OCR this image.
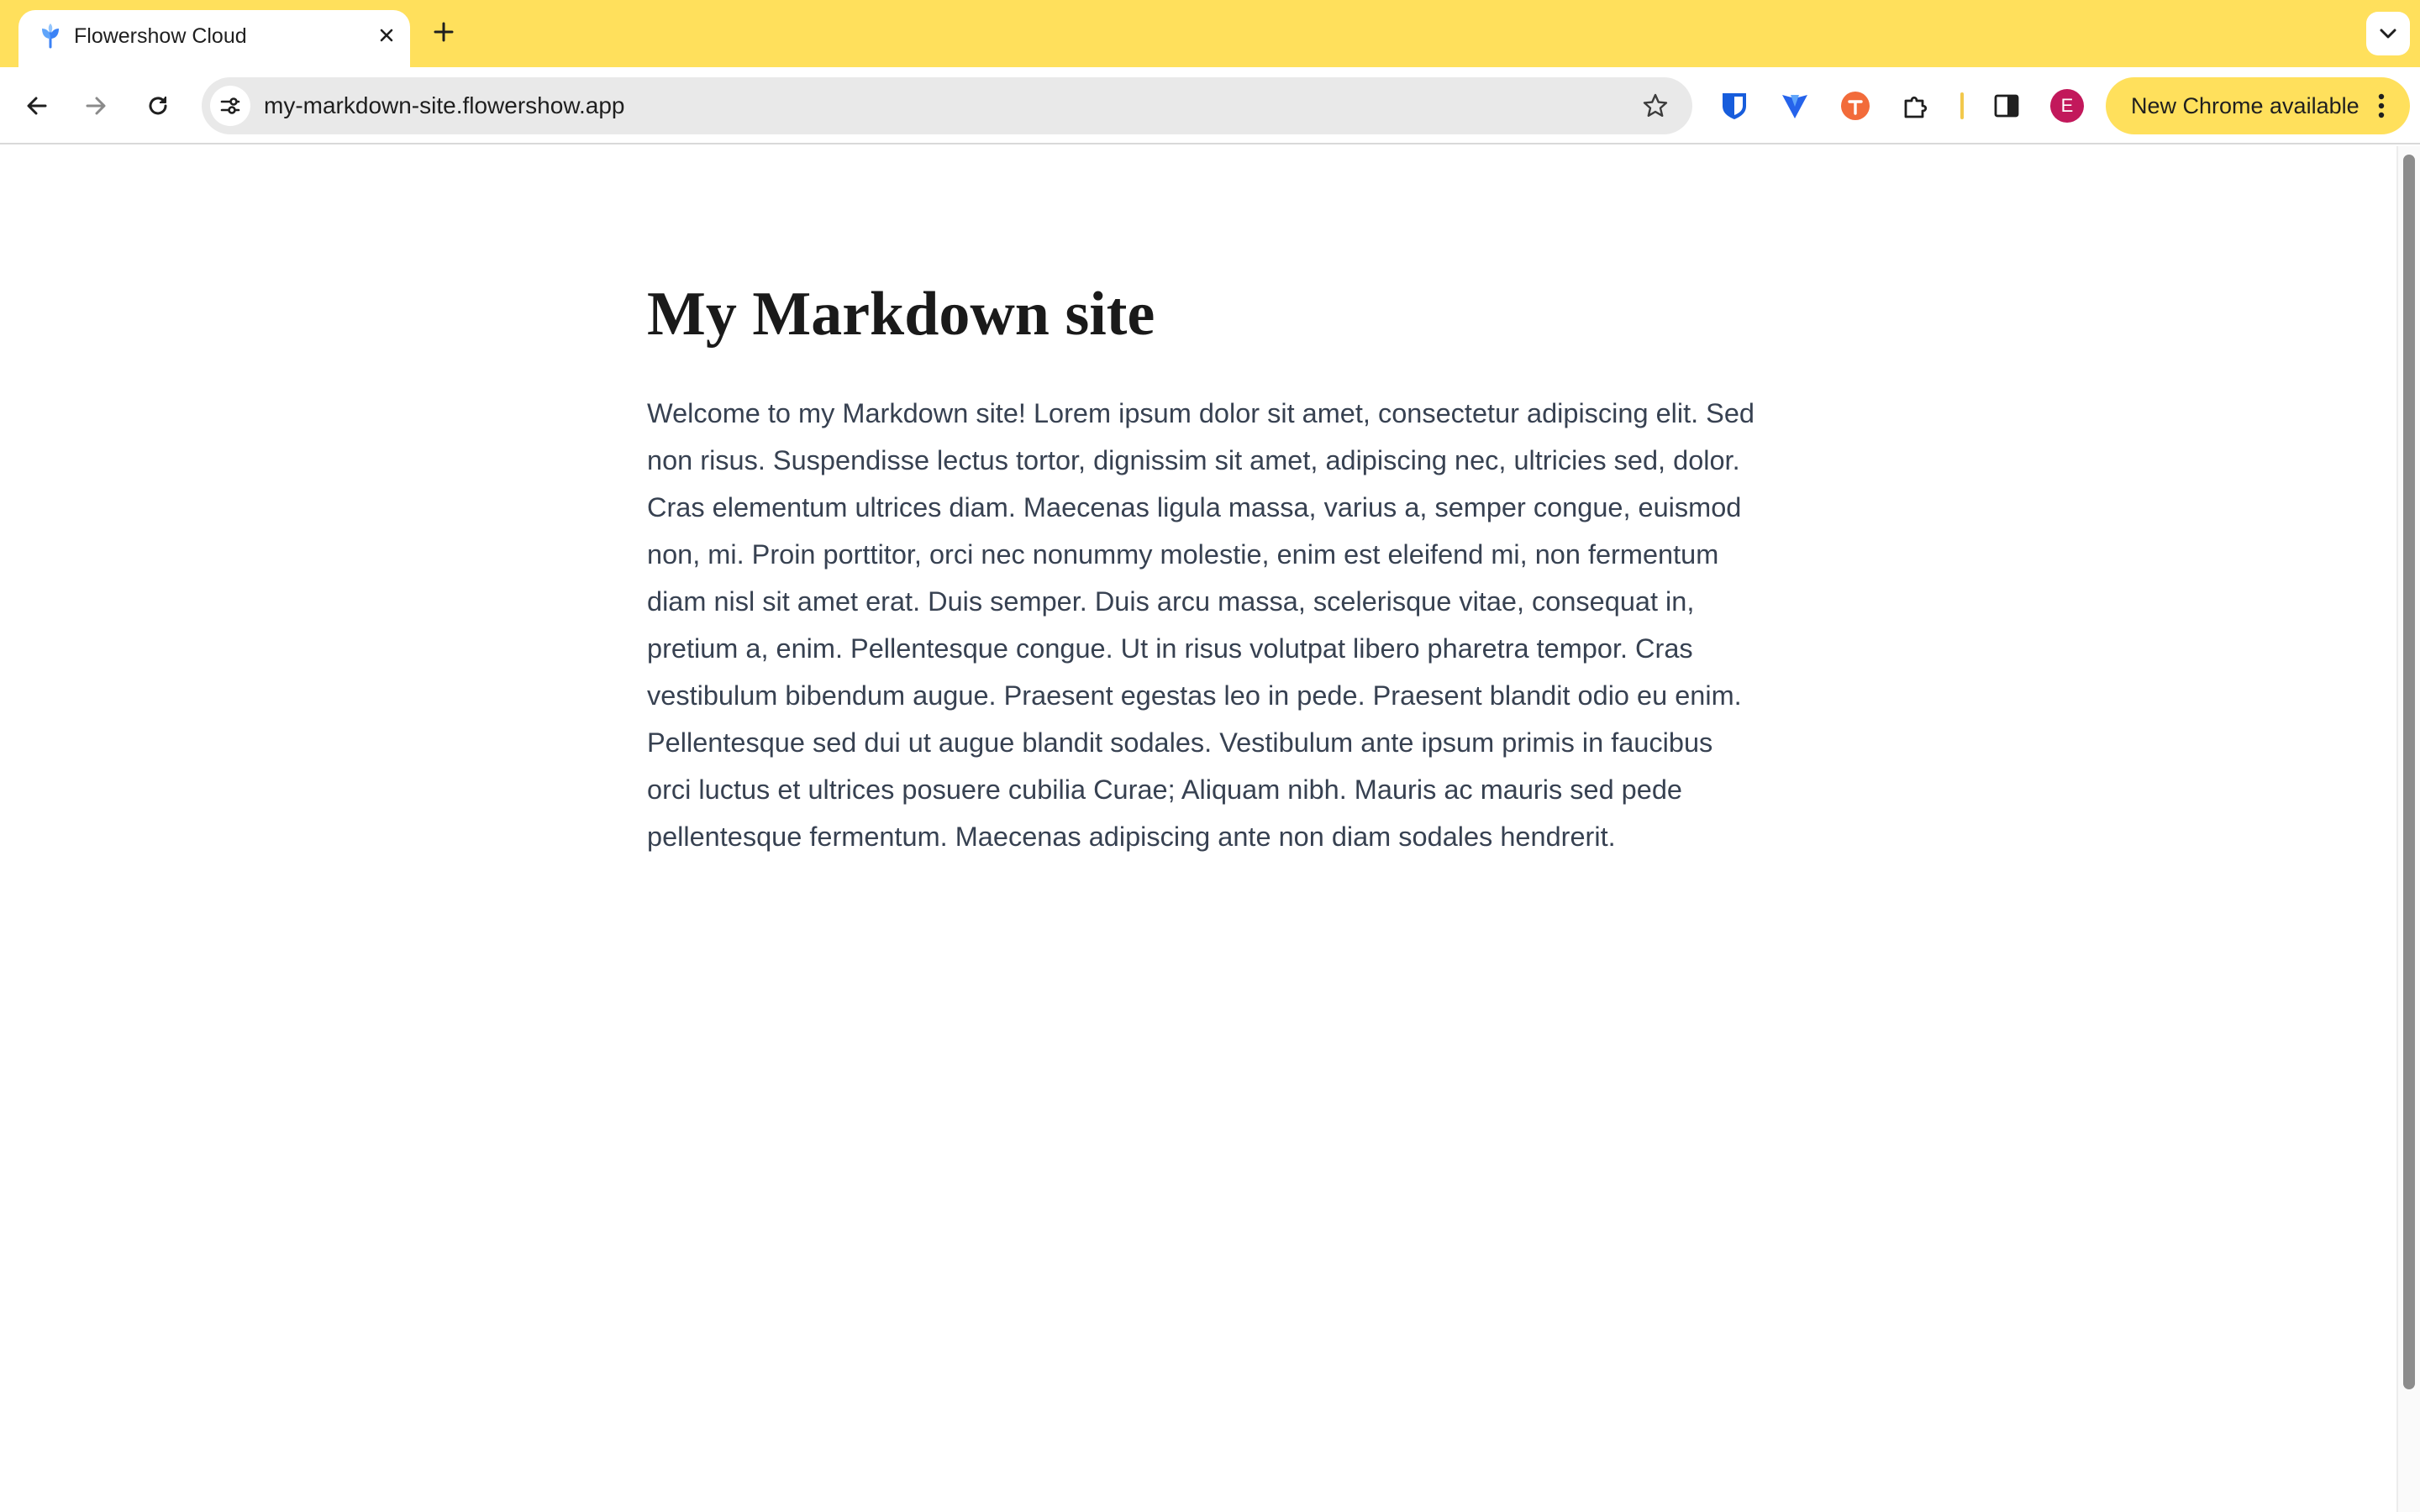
Flowershow Cloud
my-markdown-site.flowershow.app	E	New Chrome available
My Markdown site

Welcome to my Markdown site! Lorem ipsum dolor sit amet, consectetur adipiscing elit. Sed non risus. Suspendisse lectus tortor, dignissim sit amet, adipiscing nec, ultricies sed, dolor. Cras elementum ultrices diam. Maecenas ligula massa, varius a, semper congue, euismod non, mi. Proin porttitor, orci nec nonummy molestie, enim est eleifend mi, non fermentum diam nisl sit amet erat. Duis semper. Duis arcu massa, scelerisque vitae, consequat in, pretium a, enim. Pellentesque congue. Ut in risus volutpat libero pharetra tempor. Cras vestibulum bibendum augue. Praesent egestas leo in pede. Praesent blandit odio eu enim. Pellentesque sed dui ut augue blandit sodales. Vestibulum ante ipsum primis in faucibus orci luctus et ultrices posuere cubilia Curae; Aliquam nibh. Mauris ac mauris sed pede pellentesque fermentum. Maecenas adipiscing ante non diam sodales hendrerit.
